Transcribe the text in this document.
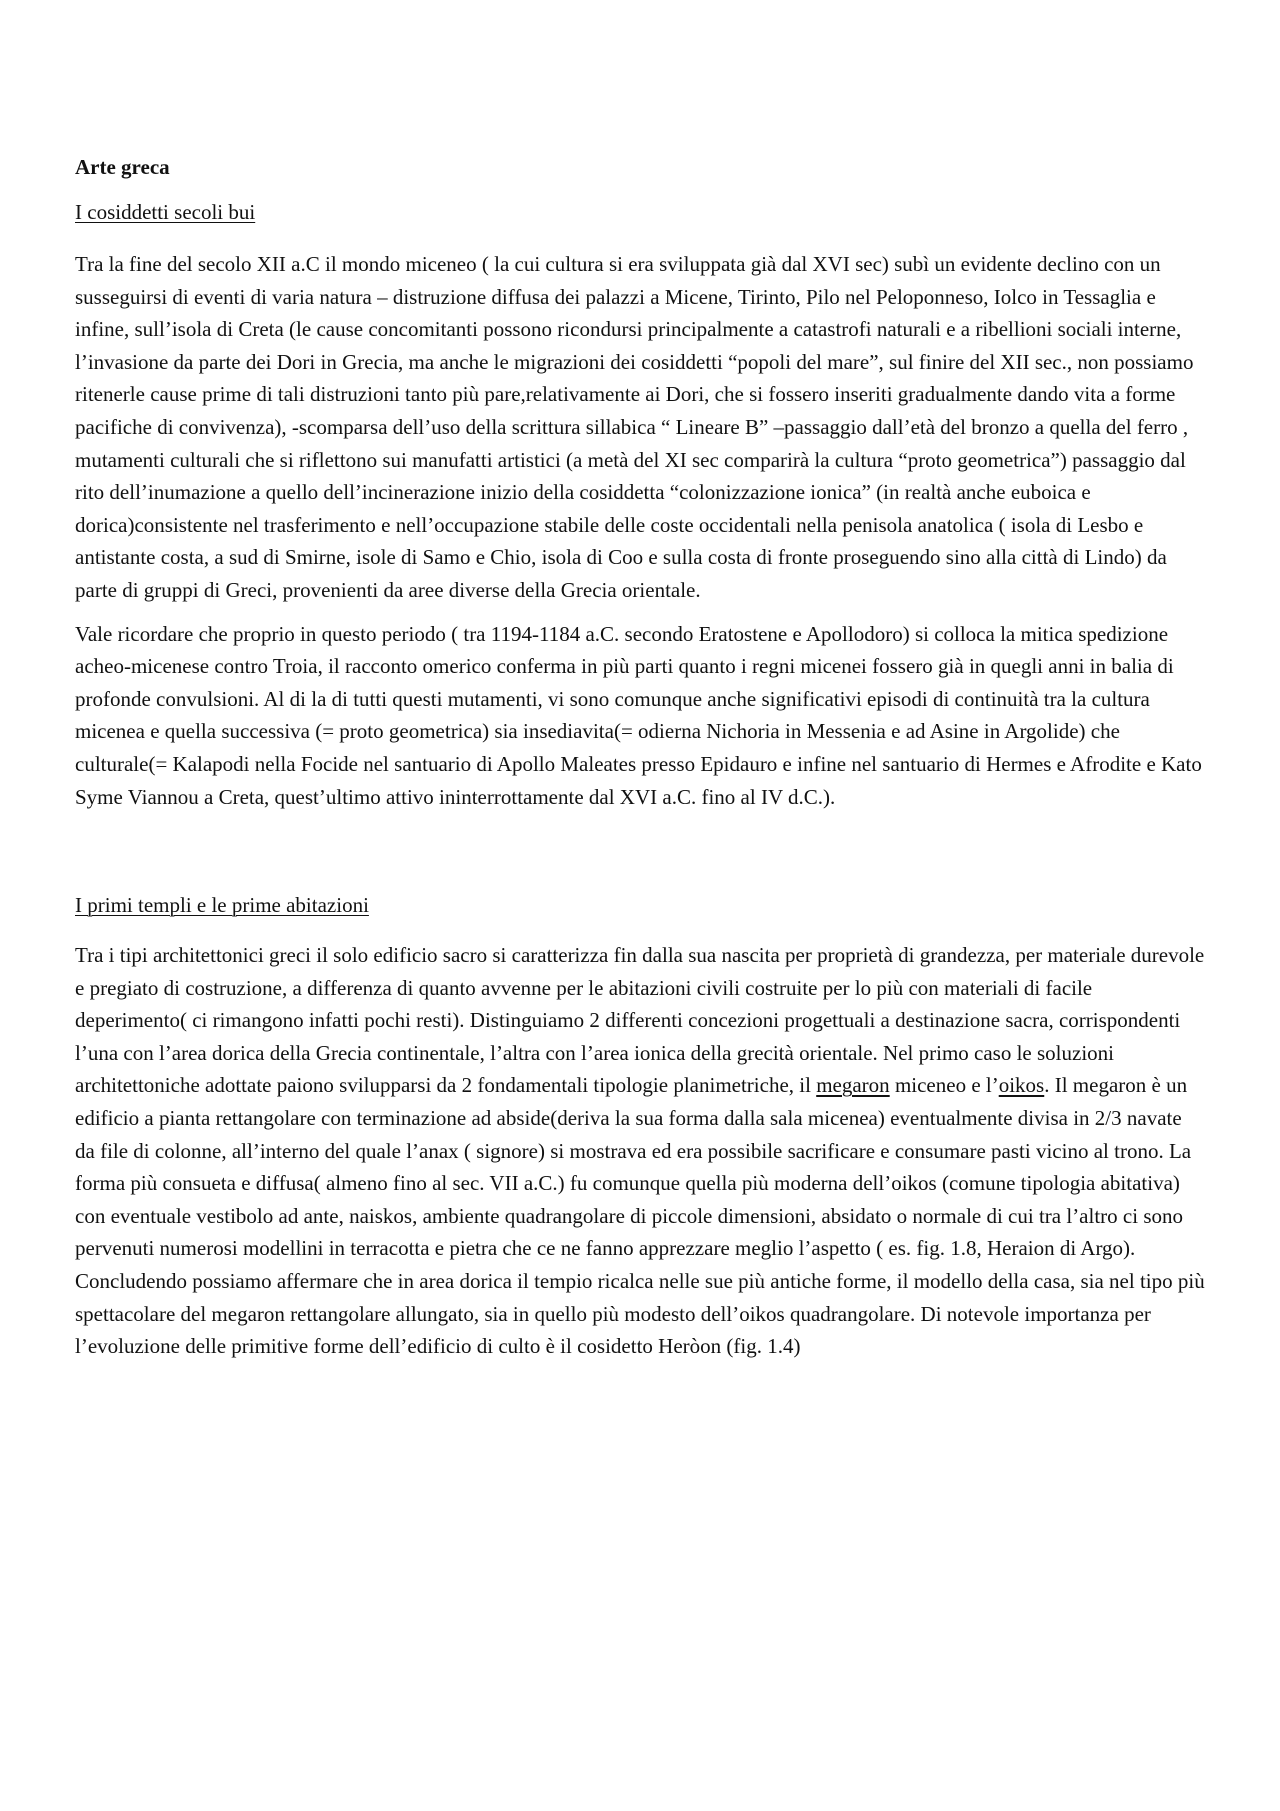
Arte greca
I cosiddetti secoli bui

Tra la fine del secolo XII a.C il mondo miceneo ( la cui cultura si era sviluppata già dal XVI sec) subì un evidente declino con un susseguirsi di eventi di varia natura – distruzione diffusa dei palazzi a Micene, Tirinto, Pilo nel Peloponneso, Iolco in Tessaglia e infine, sull’isola di Creta (le cause concomitanti possono ricondursi principalmente a catastrofi naturali e a ribellioni sociali interne, l’invasione da parte dei Dori in Grecia, ma anche le migrazioni dei cosiddetti “popoli del mare”, sul finire del XII sec., non possiamo ritenerle cause prime di tali distruzioni tanto più pare,relativamente ai Dori, che si fossero inseriti gradualmente dando vita a forme pacifiche di convivenza), -scomparsa dell’uso della scrittura sillabica “ Lineare B” –passaggio dall’età del bronzo a quella del ferro , mutamenti culturali che si riflettono sui manufatti artistici (a metà del XI sec comparirà la cultura “proto geometrica”) passaggio dal rito dell’inumazione a quello dell’incinerazione inizio della cosiddetta “colonizzazione ionica” (in realtà anche euboica e dorica)consistente nel trasferimento e nell’occupazione stabile delle coste occidentali nella penisola anatolica ( isola di Lesbo e antistante costa, a sud di Smirne, isole di Samo e Chio, isola di Coo e sulla costa di fronte proseguendo sino alla città di Lindo) da parte di gruppi di Greci, provenienti da aree diverse della Grecia orientale.

Vale ricordare che proprio in questo periodo ( tra 1194-1184 a.C. secondo Eratostene e Apollodoro) si colloca la mitica spedizione acheo-micenese contro Troia, il racconto omerico conferma in più parti quanto i regni micenei fossero già in quegli anni in balia di profonde convulsioni. Al di la di tutti questi mutamenti, vi sono comunque anche significativi episodi di continuità tra la cultura micenea e quella successiva (= proto geometrica) sia insediavita(= odierna Nichoria in Messenia e ad Asine in Argolide) che culturale(= Kalapodi nella Focide nel santuario di Apollo Maleates presso Epidauro e infine nel santuario di Hermes e Afrodite e Kato Syme Viannou a Creta, quest’ultimo attivo ininterrottamente dal XVI a.C. fino al IV d.C.).

I primi templi e le prime abitazioni

Tra i tipi architettonici greci il solo edificio sacro si caratterizza fin dalla sua nascita per proprietà di grandezza, per materiale durevole e pregiato di costruzione, a differenza di quanto avvenne per le abitazioni civili costruite per lo più con materiali di facile deperimento( ci rimangono infatti pochi resti). Distinguiamo 2 differenti concezioni progettuali a destinazione sacra, corrispondenti l’una con l’area dorica della Grecia continentale, l’altra con l’area ionica della grecità orientale. Nel primo caso le soluzioni architettoniche adottate paiono svilupparsi da 2 fondamentali tipologie planimetriche, il megaron miceneo e l’oikos. Il megaron è un edificio a pianta rettangolare con terminazione ad abside(deriva la sua forma dalla sala micenea) eventualmente divisa in 2/3 navate da file di colonne, all’interno del quale l’anax ( signore) si mostrava ed era possibile sacrificare e consumare pasti vicino al trono. La forma più consueta e diffusa( almeno fino al sec. VII a.C.) fu comunque quella più moderna dell’oikos (comune tipologia abitativa) con eventuale vestibolo ad ante, naiskos, ambiente quadrangolare di piccole dimensioni, absidato o normale di cui tra l’altro ci sono pervenuti numerosi modellini in terracotta e pietra che ce ne fanno apprezzare meglio l’aspetto ( es. fig. 1.8, Heraion di Argo). Concludendo possiamo affermare che in area dorica il tempio ricalca nelle sue più antiche forme, il modello della casa, sia nel tipo più spettacolare del megaron rettangolare allungato, sia in quello più modesto dell’oikos quadrangolare. Di notevole importanza per l’evoluzione delle primitive forme dell’edificio di culto è il cosidetto Heròon (fig. 1.4)
